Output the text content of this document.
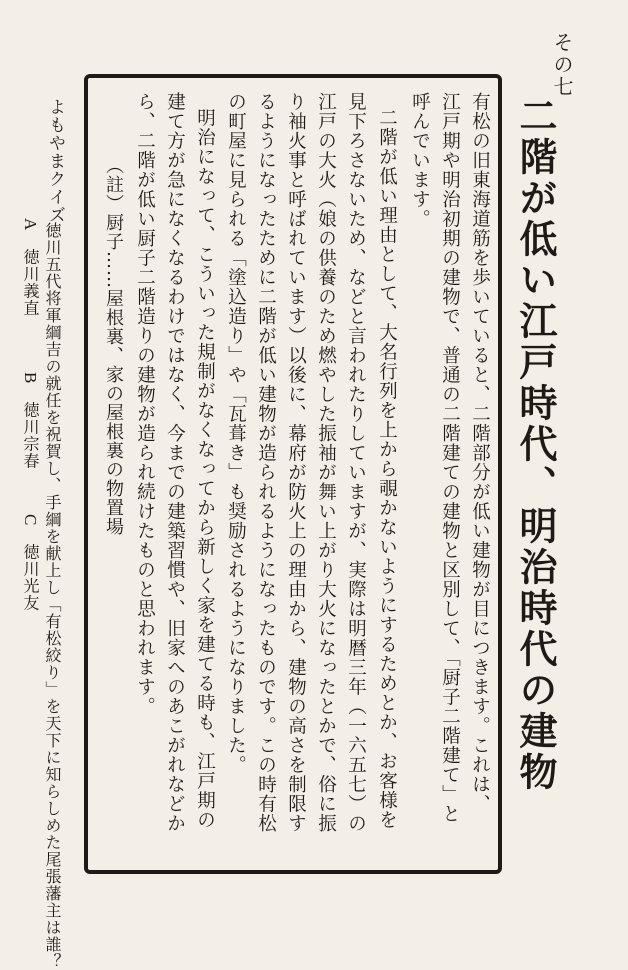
その七
二階が低い江戸時代、明治時代の建物
有松の旧東海道筋を歩いていると、二階部分が低い建物が目につきます。これは、
江戸期や明治初期の建物で、普通の二階建ての建物と区別して、「厨子二階建て」と
呼んでいます。
二階が低い理由として、大名行列を上から覗かないようにするためとか、お客様を
見下ろさないため、などと言われたりしていますが、実際は明暦三年（一六五七）の
江戸の大火（娘の供養のため燃やした振袖が舞い上がり大火になったとかで、俗に振
り袖火事と呼ばれています）以後に、幕府が防火上の理由から、建物の高さを制限す
るようになったために二階が低い建物が造られるようになったものです。この時有松
の町屋に見られる「塗込造り」や「瓦葺き」も奨励されるようになりました。
明治になって、こういった規制がなくなってから新しく家を建てる時も、江戸期の
建て方が急になくなるわけではなく、今までの建築習慣や、旧家へのあこがれなどか
ら、二階が低い厨子二階造りの建物が造られ続けたものと思われます。
（註）厨子……屋根裏、家の屋根裏の物置場
よもやまクイズ
徳川五代将軍綱吉の就任を祝賀し、手綱を献上し「有松絞り」を天下に知らしめた尾張藩主は誰？
A　徳川義直
B　徳川宗春
C　徳川光友
